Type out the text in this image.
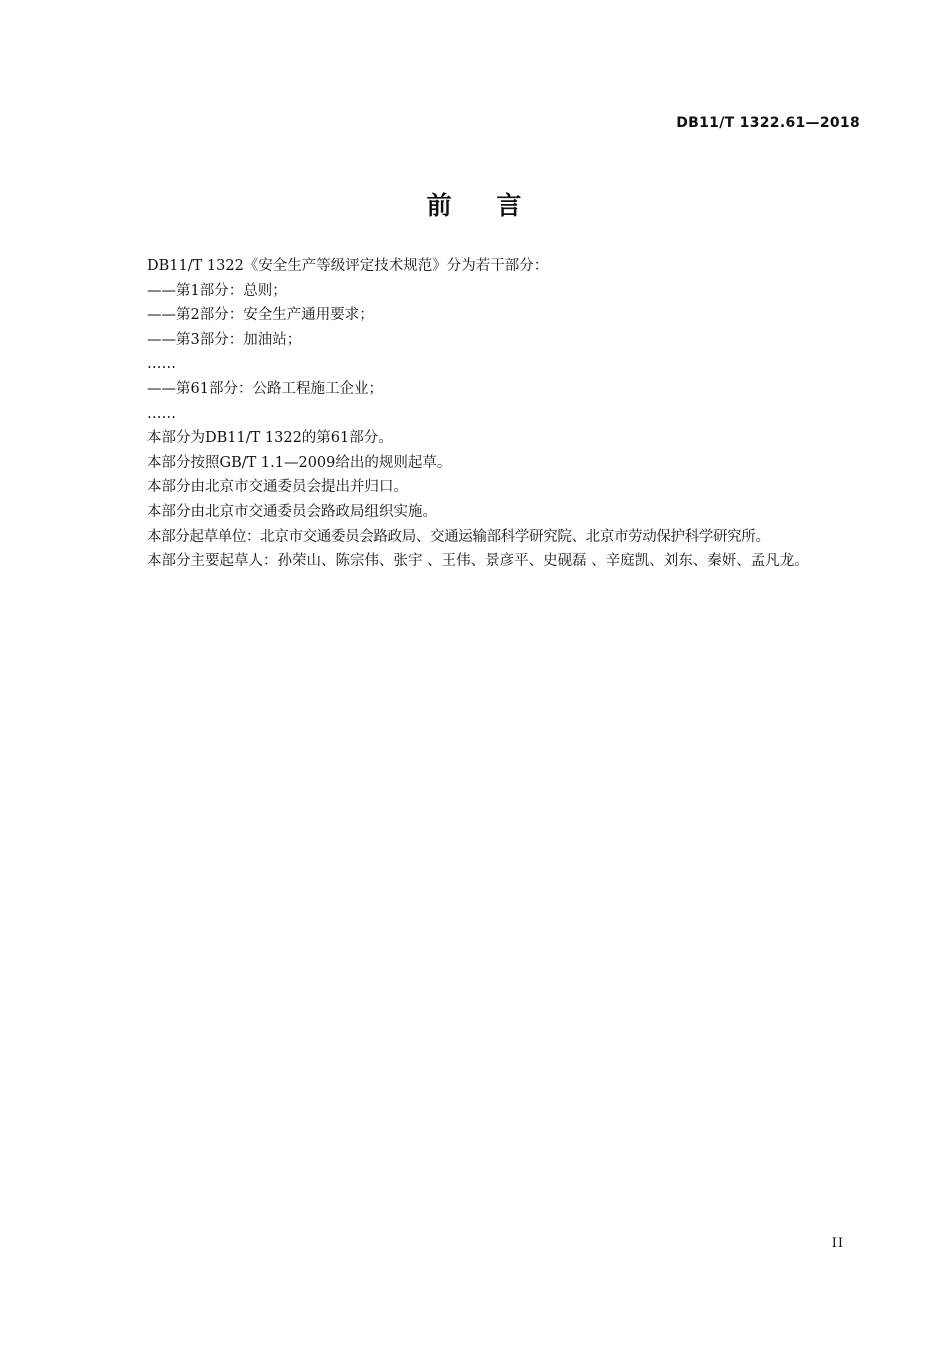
DB11/T 1322.61—2018
前    言

DB11/T 1322《安全生产等级评定技术规范》分为若干部分：

——第1部分：总则；

——第2部分：安全生产通用要求；

——第3部分：加油站；

……

——第61部分：公路工程施工企业；

……

本部分为DB11/T 1322的第61部分。

本部分按照GB/T 1.1—2009给出的规则起草。

本部分由北京市交通委员会提出并归口。

本部分由北京市交通委员会路政局组织实施。

本部分起草单位：北京市交通委员会路政局、交通运输部科学研究院、北京市劳动保护科学研究所。

本部分主要起草人：孙荣山、陈宗伟、张宇 、王伟、景彦平、史砚磊 、辛庭凯、刘东、秦妍、孟凡龙。

II
